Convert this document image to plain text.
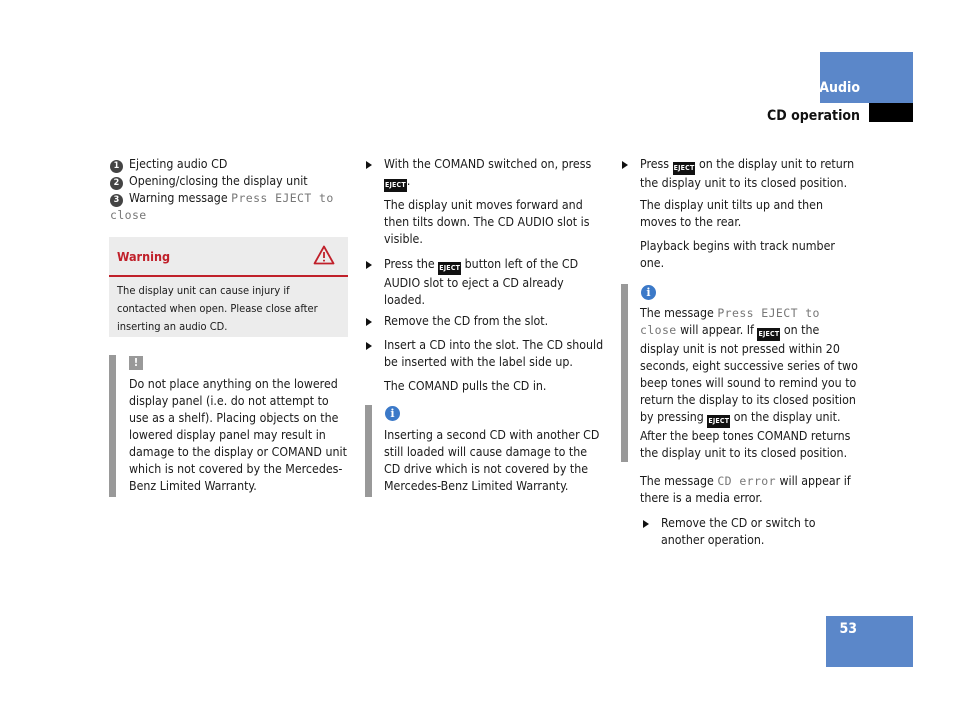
Audio
CD operation
1 Ejecting audio CD
2 Opening/closing the display unit
3 Warning message Press EJECT to close
Warning
The display unit can cause injury if contacted when open. Please close after inserting an audio CD.
!
Do not place anything on the lowered display panel (i.e. do not attempt to use as a shelf). Placing objects on the lowered display panel may result in damage to the display or COMAND unit which is not covered by the Mercedes-Benz Limited Warranty.
With the COMAND switched on, press EJECT.
The display unit moves forward and then tilts down. The CD AUDIO slot is visible.
Press the EJECT button left of the CD AUDIO slot to eject a CD already loaded.
Remove the CD from the slot.
Insert a CD into the slot. The CD should be inserted with the label side up.
The COMAND pulls the CD in.
i
Inserting a second CD with another CD still loaded will cause damage to the CD drive which is not covered by the Mercedes-Benz Limited Warranty.
Press EJECT on the display unit to return the display unit to its closed position.
The display unit tilts up and then moves to the rear.
Playback begins with track number one.
i
The message Press EJECT to close will appear. If EJECT on the display unit is not pressed within 20 seconds, eight successive series of two beep tones will sound to remind you to return the display to its closed position by pressing EJECT on the display unit. After the beep tones COMAND returns the display unit to its closed position.
The message CD error will appear if there is a media error.
Remove the CD or switch to another operation.
53
